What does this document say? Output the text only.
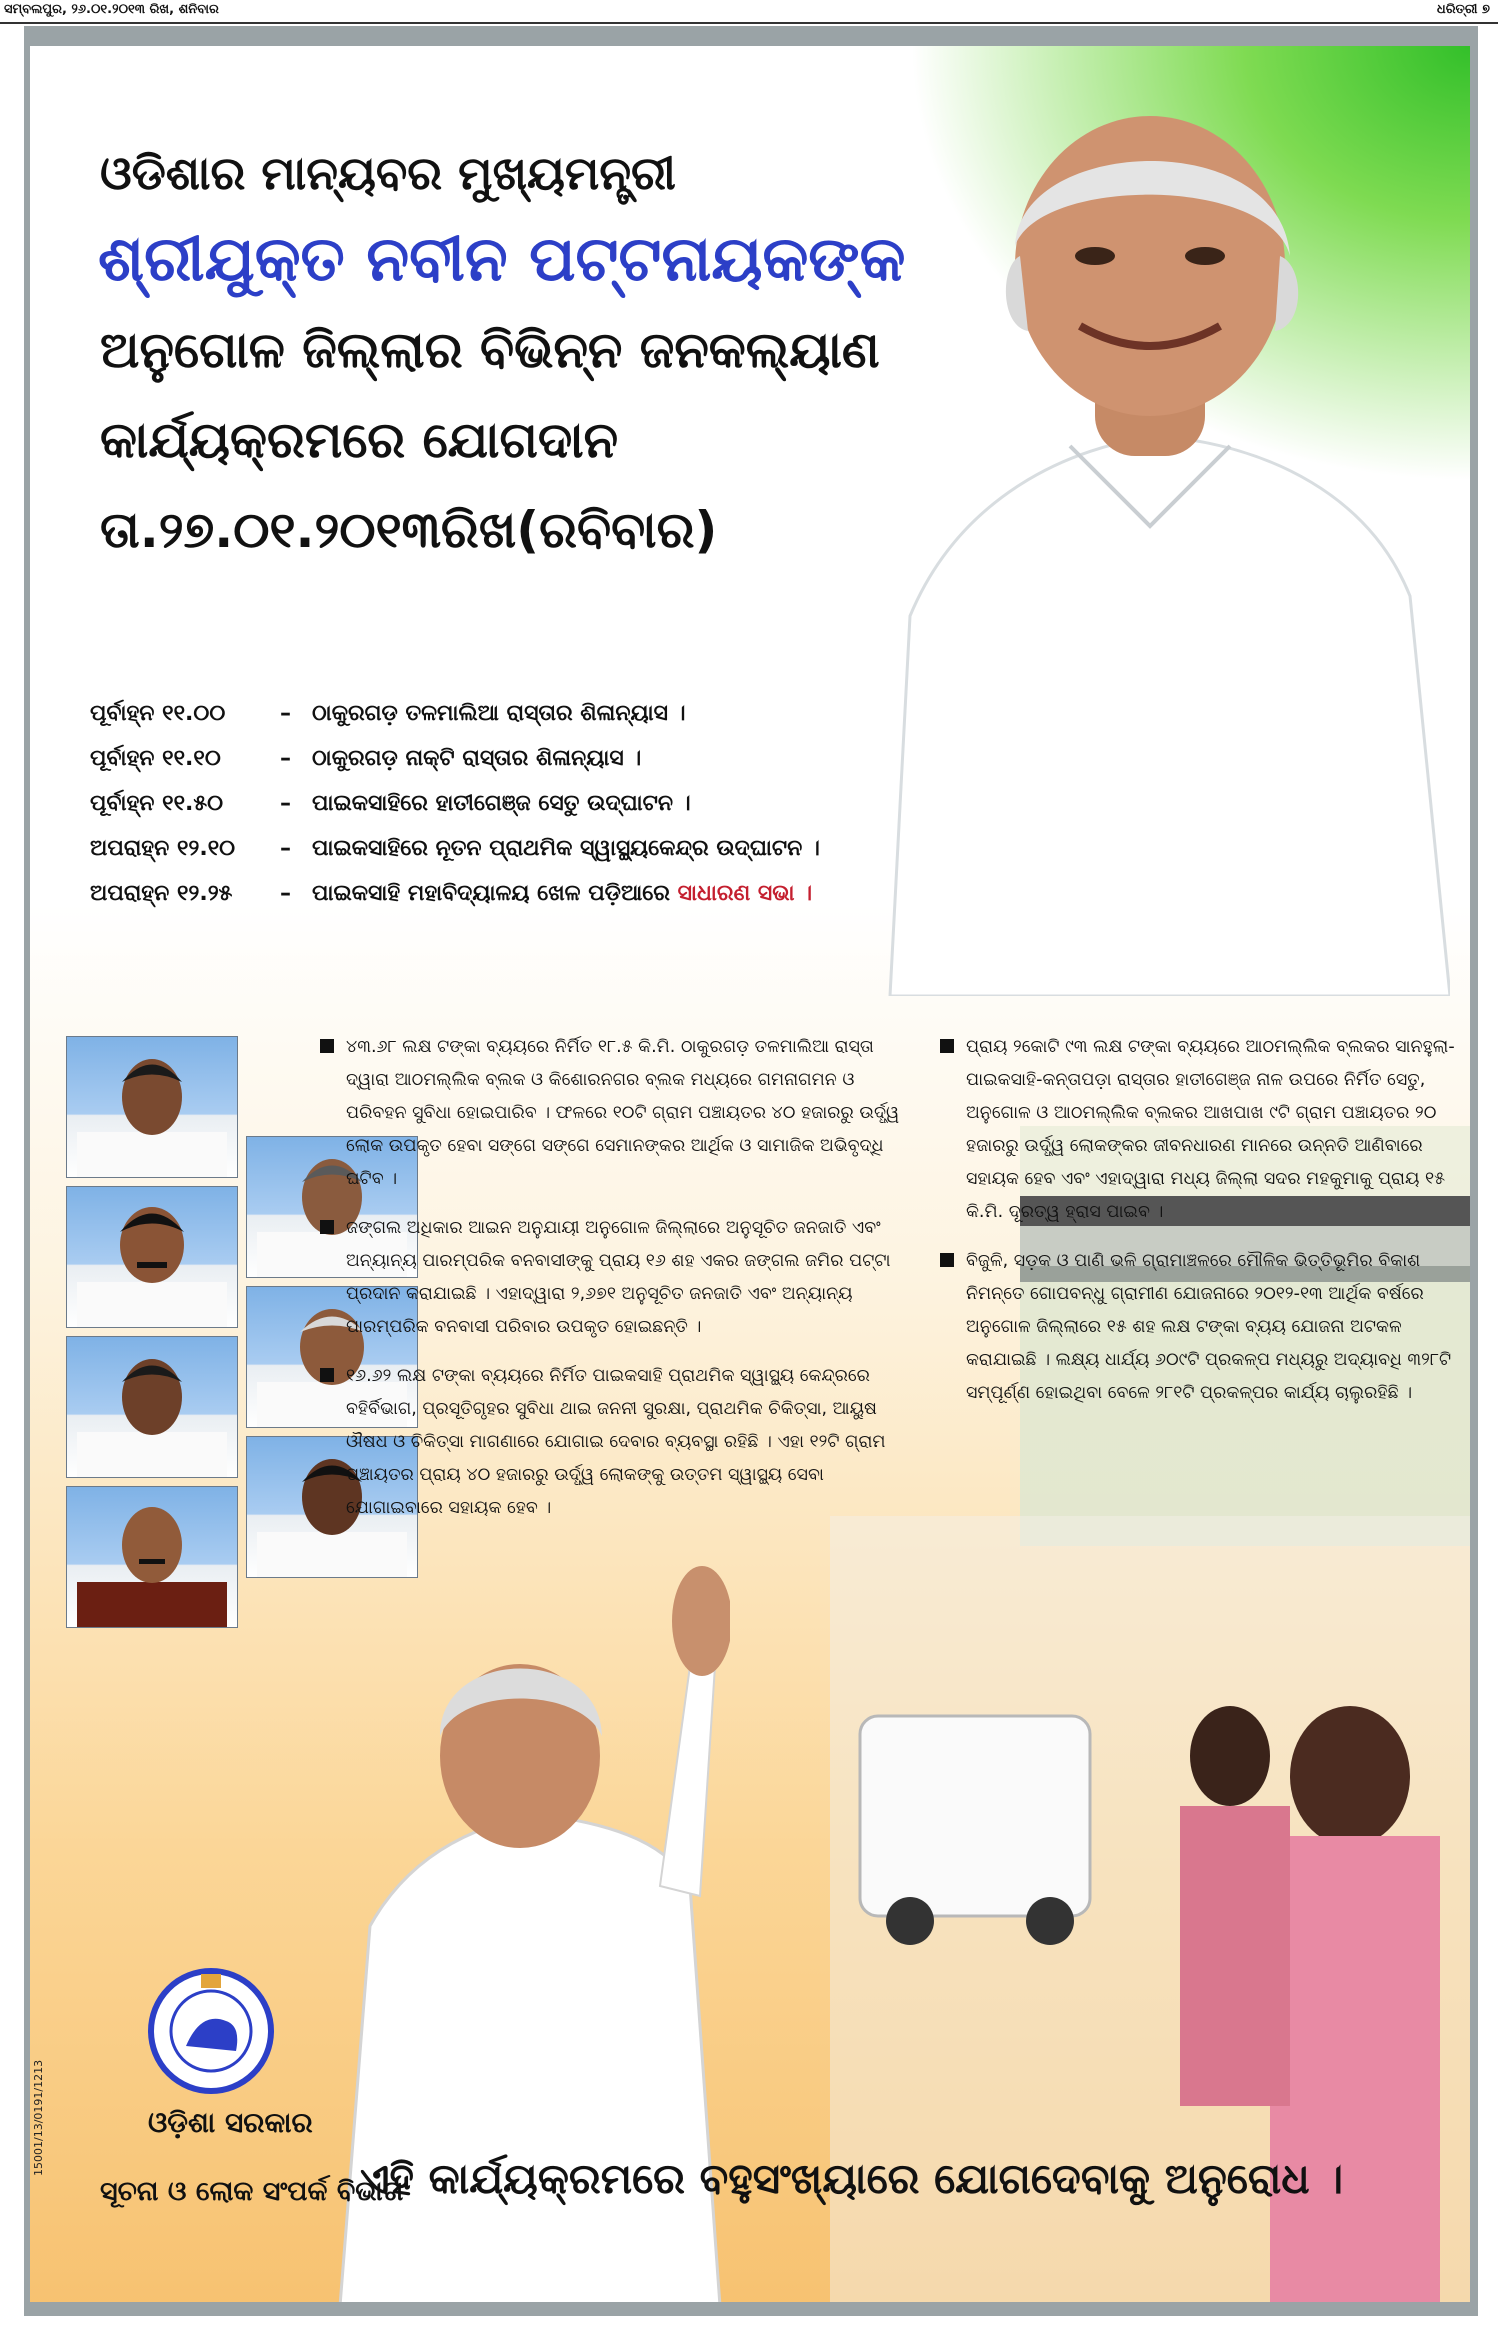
ସମ୍ବଲପୁର, ୨୬.୦୧.୨୦୧୩ ରିଖ, ଶନିବାର	ଧରିତ୍ରୀ ୭
ଓଡିଶାର ମାନ୍ୟବର ମୁଖ୍ୟମନ୍ତ୍ରୀ
ଶ୍ରୀଯୁକ୍ତ ନବୀନ ପଟ୍ଟନାୟକଙ୍କ
ଅନୁଗୋଳ ଜିଲ୍ଲାର ବିଭିନ୍ନ ଜନକଲ୍ୟାଣ
କାର୍ଯ୍ୟକ୍ରମରେ ଯୋଗଦାନ
ତା.୨୭.୦୧.୨୦୧୩ରିଖ(ରବିବାର)
ପୂର୍ବାହ୍ନ ୧୧.୦୦	– ଠାକୁରଗଡ଼ ତଳମାଲିଆ ରାସ୍ତାର ଶିଳାନ୍ୟାସ ।
ପୂର୍ବାହ୍ନ ୧୧.୧୦	– ଠାକୁରଗଡ଼ ନାକ୍ଟି ରାସ୍ତାର ଶିଳାନ୍ୟାସ ।
ପୂର୍ବାହ୍ନ ୧୧.୫୦	– ପାଇକସାହିରେ ହାତୀଗେଞ୍ଜ ସେତୁ ଉଦ୍‌ଘାଟନ ।
ଅପରାହ୍ନ ୧୨.୧୦ – ପାଇକସାହିରେ ନୂତନ ପ୍ରାଥମିକ ସ୍ୱାସ୍ଥ୍ୟକେନ୍ଦ୍ର ଉଦ୍‌ଘାଟନ ।
ଅପରାହ୍ନ ୧୨.୨୫	– ପାଇକସାହି ମହାବିଦ୍ୟାଳୟ ଖେଳ ପଡ଼ିଆରେ ସାଧାରଣ ସଭା ।
୪୩.୬୮ ଲକ୍ଷ ଟଙ୍କା ବ୍ୟୟରେ ନିର୍ମିତ ୧୮.୫ କି.ମି. ଠାକୁରଗଡ଼ ତଳମାଲିଆ ରାସ୍ତା ଦ୍ୱାରା ଆଠମଲ୍ଲିକ ବ୍ଲକ ଓ କିଶୋରନଗର ବ୍ଲକ ମଧ୍ୟରେ ଗମନାଗମନ ଓ ପରିବହନ ସୁବିଧା ହୋଇପାରିବ । ଫଳରେ ୧୦ଟି ଗ୍ରାମ ପଞ୍ଚାୟତର ୪୦ ହଜାରରୁ ଉର୍ଦ୍ଧ୍ୱ ଲୋକ ଉପକୃତ ହେବା ସଙ୍ଗେ ସଙ୍ଗେ ସେମାନଙ୍କର ଆର୍ଥିକ ଓ ସାମାଜିକ ଅଭିବୃଦ୍ଧି ଘଟିବ ।
ଜଙ୍ଗଲ ଅଧିକାର ଆଇନ ଅନୁଯାୟୀ ଅନୁଗୋଳ ଜିଲ୍ଲାରେ ଅନୁସୂଚିତ ଜନଜାତି ଏବଂ ଅନ୍ୟାନ୍ୟ ପାରମ୍ପରିକ ବନବାସୀଙ୍କୁ ପ୍ରାୟ ୧୬ ଶହ ଏକର ଜଙ୍ଗଲ ଜମିର ପଟ୍ଟା ପ୍ରଦାନ କରାଯାଇଛି । ଏହାଦ୍ୱାରା ୨,୬୭୧ ଅନୁସୂଚିତ ଜନଜାତି ଏବଂ ଅନ୍ୟାନ୍ୟ ପାରମ୍ପରିକ ବନବାସୀ ପରିବାର ଉପକୃତ ହୋଇଛନ୍ତି ।
୧୬.୬୨ ଲକ୍ଷ ଟଙ୍କା ବ୍ୟୟରେ ନିର୍ମିତ ପାଇକସାହି ପ୍ରାଥମିକ ସ୍ୱାସ୍ଥ୍ୟ କେନ୍ଦ୍ରରେ ବହିର୍ବିଭାଗ, ପ୍ରସୂତିଗୃହର ସୁବିଧା ଥାଇ ଜନନୀ ସୁରକ୍ଷା, ପ୍ରାଥମିକ ଚିକିତ୍ସା, ଆୟୁଷ ଔଷଧ ଓ ଚିକିତ୍ସା ମାଗଣାରେ ଯୋଗାଇ ଦେବାର ବ୍ୟବସ୍ଥା ରହିଛି । ଏହା ୧୨ଟି ଗ୍ରାମ ପଞ୍ଚାୟତର ପ୍ରାୟ ୪୦ ହଜାରରୁ ଉର୍ଦ୍ଧ୍ୱ ଲୋକଙ୍କୁ ଉତ୍ତମ ସ୍ୱାସ୍ଥ୍ୟ ସେବା ଯୋଗାଇବାରେ ସହାୟକ ହେବ ।
ପ୍ରାୟ ୨କୋଟି ୯୩ ଲକ୍ଷ ଟଙ୍କା ବ୍ୟୟରେ ଆଠମଲ୍ଲିକ ବ୍ଲକର ସାନହୁଲା-ପାଇକସାହି-କନ୍ତାପଡ଼ା ରାସ୍ତାର ହାତୀଗେଞ୍ଜ ନାଳ ଉପରେ ନିର୍ମିତ ସେତୁ, ଅନୁଗୋଳ ଓ ଆଠମଲ୍ଲିକ ବ୍ଲକର ଆଖପାଖ ୯ଟି ଗ୍ରାମ ପଞ୍ଚାୟତର ୨୦ ହଜାରରୁ ଉର୍ଦ୍ଧ୍ୱ ଲୋକଙ୍କର ଜୀବନଧାରଣ ମାନରେ ଉନ୍ନତି ଆଣିବାରେ ସହାୟକ ହେବ ଏବଂ ଏହାଦ୍ୱାରା ମଧ୍ୟ ଜିଲ୍ଲା ସଦର ମହକୁମାକୁ ପ୍ରାୟ ୧୫ କି.ମି. ଦୂରତ୍ୱ ହ୍ରାସ ପାଇବ ।
ବିଜୁଳି, ସଡ଼କ ଓ ପାଣି ଭଳି ଗ୍ରାମାଞ୍ଚଳରେ ମୌଳିକ ଭିତ୍ତିଭୂମିର ବିକାଶ ନିମନ୍ତେ ଗୋପବନ୍ଧୁ ଗ୍ରାମୀଣ ଯୋଜନାରେ ୨୦୧୨-୧୩ ଆର୍ଥିକ ବର୍ଷରେ ଅନୁଗୋଳ ଜିଲ୍ଲାରେ ୧୫ ଶହ ଲକ୍ଷ ଟଙ୍କା ବ୍ୟୟ ଯୋଜନା ଅଟକଳ କରାଯାଇଛି । ଲକ୍ଷ୍ୟ ଧାର୍ଯ୍ୟ ୬୦୯ଟି ପ୍ରକଳ୍ପ ମଧ୍ୟରୁ ଅଦ୍ୟାବଧି ୩୨୮ଟି ସମ୍ପୂର୍ଣ୍ଣ ହୋଇଥିବା ବେଳେ ୨୮୧ଟି ପ୍ରକଳ୍ପର କାର୍ଯ୍ୟ ଚାଲୁରହିଛି ।
ଓଡ଼ିଶା ସରକାର
ସୂଚନା ଓ ଲୋକ ସଂପର୍କ ବିଭାଗ
ଏହି କାର୍ଯ୍ୟକ୍ରମରେ ବହୁସଂଖ୍ୟାରେ ଯୋଗଦେବାକୁ ଅନୁରୋଧ ।
15001/13/0191/1213
